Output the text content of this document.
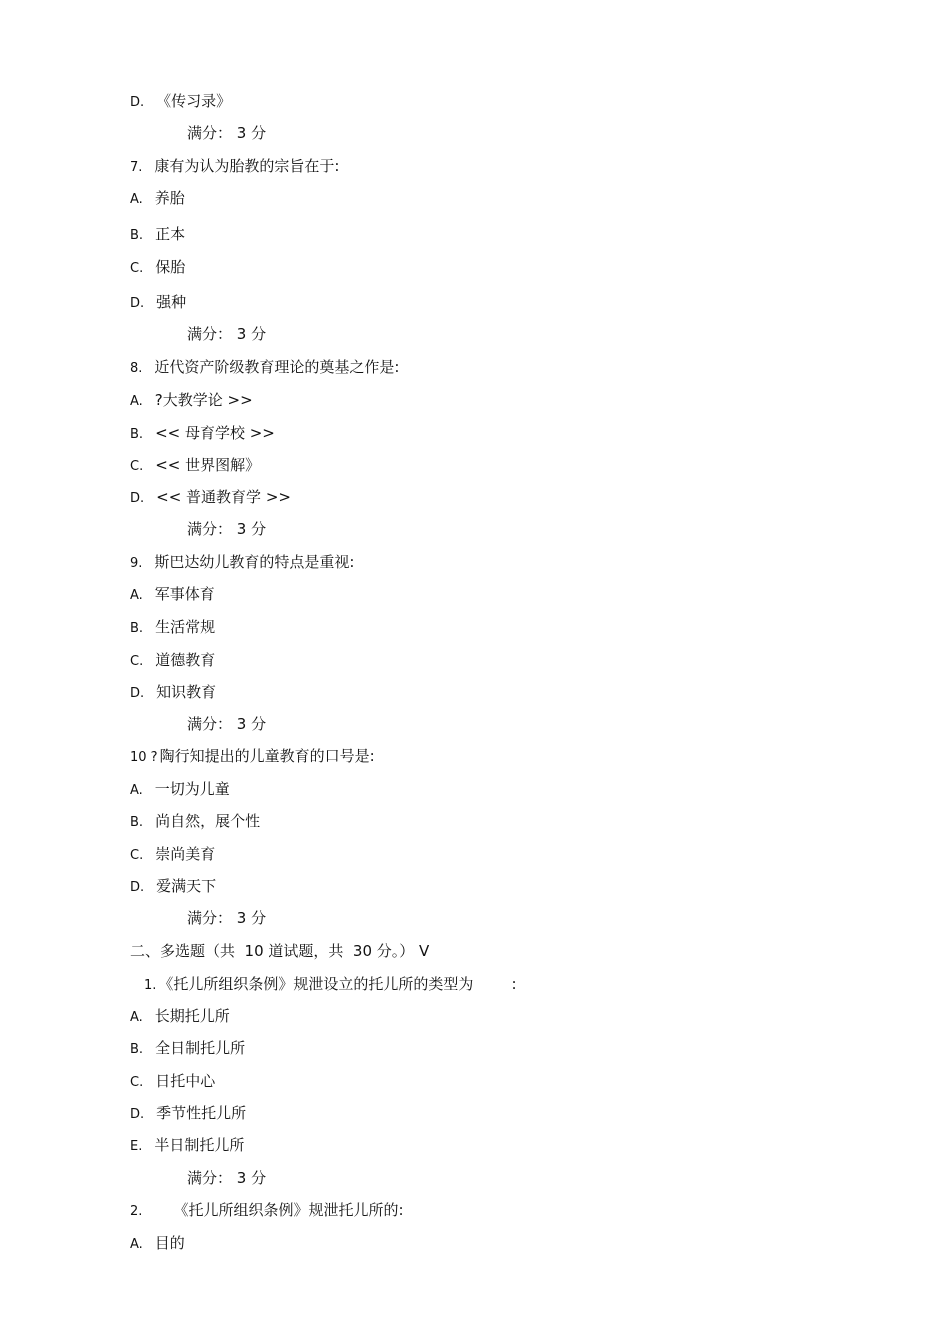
D. 《传习录》
满分： 3 分
7. 康有为认为胎教的宗旨在于:
A. 养胎
B. 正本
C. 保胎
D. 强种
满分： 3 分
8. 近代资产阶级教育理论的奠基之作是:
A. ?大教学论 >>
B. << 母育学校 >>
C. << 世界图解》
D. << 普通教育学 >>
满分： 3 分
9. 斯巴达幼儿教育的特点是重视:
A. 军事体育
B. 生活常规
C. 道德教育
D. 知识教育
满分： 3 分
10 ? 陶行知提出的儿童教育的口号是:
A. 一切为儿童
B. 尚自然，展个性
C. 崇尚美育
D. 爱满天下
满分： 3 分
二、多选题（共  10 道试题，共  30 分。） V
1. 《托儿所组织条例》规泄设立的托儿所的类型为        :
A. 长期托儿所
B. 全日制托儿所
C. 日托中心
D. 季节性托儿所
E. 半日制托儿所
满分： 3 分
2.    《托儿所组织条例》规泄托儿所的:
A. 目的
